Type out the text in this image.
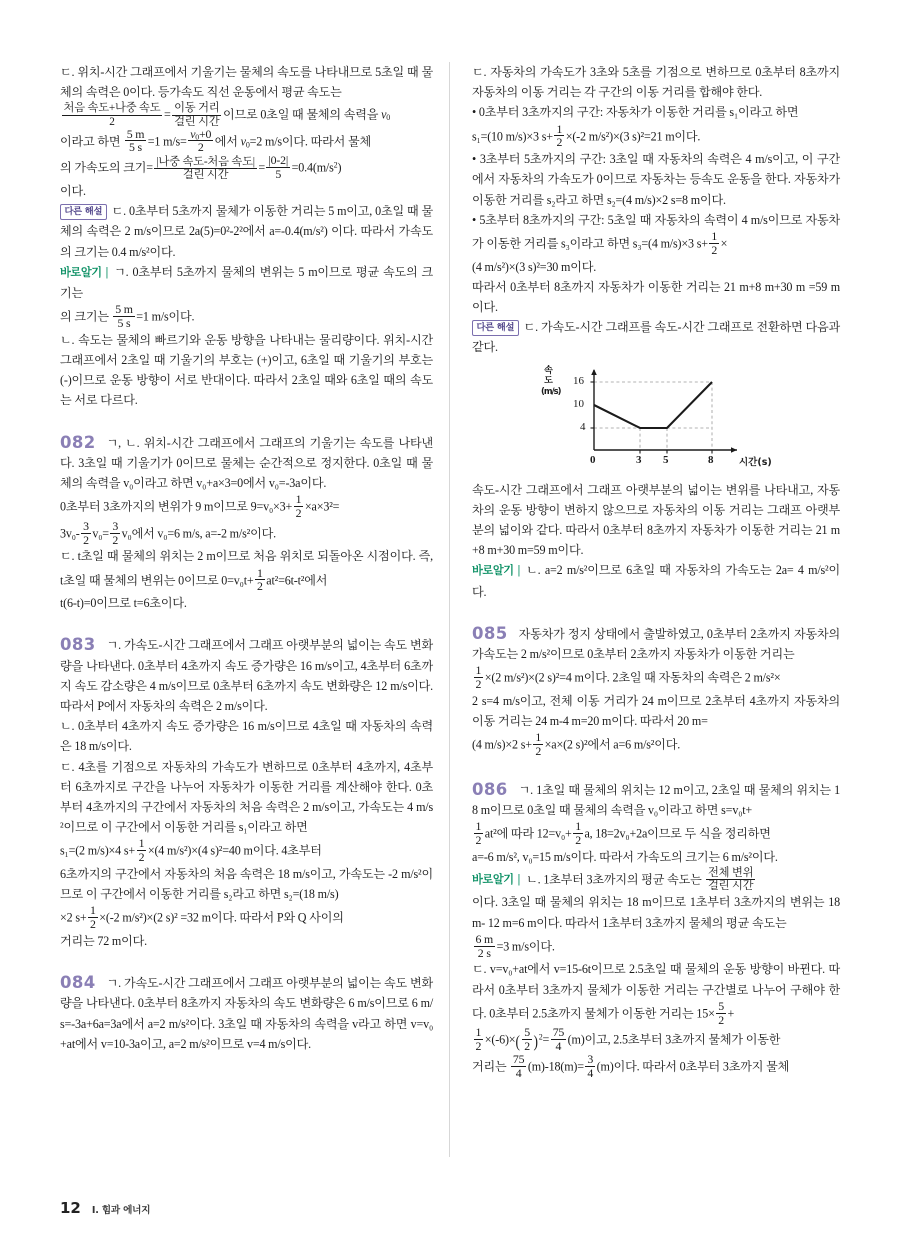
ㄷ. 위치-시간 그래프에서 기울기는 물체의 속도를 나타내므로 5초일 때 물체의 속력은 0이다. 등가속도 직선 운동에서 평균 속도는

$\frac{\text{처음 속도+나중 속도}}{2} = \frac{\text{이동 거리}}{\text{걸린 시간}}$ 이므로 0초일 때 물체의 속력을 $v_0$

이라고 하면 $\frac{5 m}{5 s} =1$ $m/s= \frac{v_0+0}{2}$ 에서 $v_0=2$ m/s이다. 따라서 물체

의 가속도의 크기= $\frac{\text{|나중 속도-처음 속도|}}{\text{걸린 시간}} = \frac{|0-2|}{5} =0.4(m/s^2)$

이다.

다른 해설 ㄷ. 0초부터 5초까지 물체가 이동한 거리는 5 m이고, 0초일 때 물체의 속력은 2 m/s이므로 2a(5)=0²-2²에서 a=-0.4(m/s²) 이다. 따라서 가속도의 크기는 0.4 m/s²이다.

바로알기 | ㄱ. 0초부터 5초까지 물체의 변위는 5 m이므로 평균 속도의 크기는

의 크기는 $\frac{5 m}{5 s} =1$ m/s이다.

ㄴ. 속도는 물체의 빠르기와 운동 방향을 나타내는 물리량이다. 위치-시간 그래프에서 2초일 때 기울기의 부호는 (+)이고, 6초일 때 기울기의 부호는 (-)이므로 운동 방향이 서로 반대이다. 따라서 2초일 때와 6초일 때의 속도는 서로 다르다.

082 ㄱ, ㄴ. 위치-시간 그래프에서 그래프의 기울기는 속도를 나타낸다. 3초일 때 기울기가 0이므로 물체는 순간적으로 정지한다. 0초일 때 물체의 속력을 v₀이라고 하면 v₀+a×3=0에서 v₀=-3a이다.

0초부터 3초까지의 변위가 9 m이므로 $9=v_0\times 3+ \frac{1}{2} \times a\times 3^2=$

$3v_0- \frac{3}{2} v_0= \frac{3}{2} v_0$에서 v₀=6 m/s, a=-2 m/s²이다.

ㄷ. t초일 때 물체의 위치는 2 m이므로 처음 위치로 되돌아온 시점이다. 즉, t초일 때 물체의 변위는 0이므로 $0=v_0t+ \frac{1}{2} at^2=6t-t^2$에서

t(6-t)=0이므로 t=6초이다.

083 ㄱ. 가속도-시간 그래프에서 그래프 아랫부분의 넓이는 속도 변화량을 나타낸다. 0초부터 4초까지 속도 증가량은 16 m/s이고, 4초부터 6초까지 속도 감소량은 4 m/s이므로 0초부터 6초까지 속도 변화량은 12 m/s이다. 따라서 P에서 자동차의 속력은 2 m/s이다.

ㄴ. 0초부터 4초까지 속도 증가량은 16 m/s이므로 4초일 때 자동차의 속력은 18 m/s이다.

ㄷ. 4초를 기점으로 자동차의 가속도가 변하므로 0초부터 4초까지, 4초부터 6초까지로 구간을 나누어 자동차가 이동한 거리를 계산해야 한다. 0초부터 4초까지의 구간에서 자동차의 처음 속력은 2 m/s이고, 가속도는 4 m/s²이므로 이 구간에서 이동한 거리를 s₁이라고 하면

s₁=(2 m/s)×4 $s+ \frac{1}{2} \times(4$ m/s²)×(4 s)²=40 m이다. 4초부터

6초까지의 구간에서 자동차의 처음 속력은 18 m/s이고, 가속도는 -2 m/s²이므로 이 구간에서 이동한 거리를 s₂라고 하면 s₂=(18 m/s)

×2 $s+ \frac{1}{2} \times(-2$ m/s²)×(2 s)² =32 m이다. 따라서 P와 Q 사이의

거리는 72 m이다.

084 ㄱ. 가속도-시간 그래프에서 그래프 아랫부분의 넓이는 속도 변화량을 나타낸다. 0초부터 8초까지 자동차의 속도 변화량은 6 m/s이므로 6 m/s=-3a+6a=3a에서 a=2 m/s²이다. 3초일 때 자동차의 속력을 v라고 하면 v=v₀+at에서 v=10-3a이고, a=2 m/s²이므로 v=4 m/s이다.

ㄷ. 자동차의 가속도가 3초와 5초를 기점으로 변하므로 0초부터 8초까지 자동차의 이동 거리는 각 구간의 이동 거리를 합해야 한다.

• 0초부터 3초까지의 구간: 자동차가 이동한 거리를 s₁이라고 하면

s₁=(10 m/s)×3 $s+ \frac{1}{2} \times(-2$ m/s²)×(3 s)²=21 m이다.

• 3초부터 5초까지의 구간: 3초일 때 자동차의 속력은 4 m/s이고, 이 구간에서 자동차의 가속도가 0이므로 자동차는 등속도 운동을 한다. 자동차가 이동한 거리를 s₂라고 하면 s₂=(4 m/s)×2 s=8 m이다.

• 5초부터 8초까지의 구간: 5초일 때 자동차의 속력이 4 m/s이므로 자동차가 이동한 거리를 s₃이라고 하면 s₃=(4 m/s)×3 $s+ \frac{1}{2}$ ×

(4 m/s²)×(3 s)²=30 m이다.

따라서 0초부터 8초까지 자동차가 이동한 거리는 21 m+8 m+30 m =59 m이다.

다른 해설 ㄷ. 가속도-시간 그래프를 속도-시간 그래프로 전환하면 다음과 같다.

속도
(m/s)
16
10
4
0	3 5	8	시간(s)

속도-시간 그래프에서 그래프 아랫부분의 넓이는 변위를 나타내고, 자동차의 운동 방향이 변하지 않으므로 자동차의 이동 거리는 그래프 아랫부분의 넓이와 같다. 따라서 0초부터 8초까지 자동차가 이동한 거리는 21 m+8 m+30 m=59 m이다.

바로알기 | ㄴ. a=2 m/s²이므로 6초일 때 자동차의 가속도는 2a= 4 m/s²이다.

085 자동차가 정지 상태에서 출발하였고, 0초부터 2초까지 자동차의 가속도는 2 m/s²이므로 0초부터 2초까지 자동차가 이동한 거리는

$\frac{1}{2} \times(2$ m/s²)×(2 s)²=4 m이다. 2초일 때 자동차의 속력은 2 m/s²×

2 s=4 m/s이고, 전체 이동 거리가 24 m이므로 2초부터 4초까지 자동차의 이동 거리는 24 m-4 m=20 m이다. 따라서 20 m=

(4 m/s)×2 $s+ \frac{1}{2} \times a\times(2$ s)²에서 a=6 m/s²이다.

086 ㄱ. 1초일 때 물체의 위치는 12 m이고, 2초일 때 물체의 위치는 18 m이므로 0초일 때 물체의 속력을 v₀이라고 하면 s=v₀t+

$\frac{1}{2} at^2$에 따라 $12=v_0+ \frac{1}{2} a$, 18=2v₀+2a이므로 두 식을 정리하면

a=-6 m/s², v₀=15 m/s이다. 따라서 가속도의 크기는 6 m/s²이다.

바로알기 | ㄴ. 1초부터 3초까지의 평균 속도는 $\frac{\text{전체 변위}}{\text{걸린 시간}}$

이다. 3초일 때 물체의 위치는 18 m이므로 1초부터 3초까지의 변위는 18 m- 12 m=6 m이다. 따라서 1초부터 3초까지 물체의 평균 속도는

$\frac{6 m}{2 s} =3$ m/s이다.

ㄷ. v=v₀+at에서 v=15-6t이므로 2.5초일 때 물체의 운동 방향이 바뀐다. 따라서 0초부터 3초까지 물체가 이동한 거리는 구간별로 나누어 구해야 한다. 0초부터 2.5초까지 물체가 이동한 거리는 $15\times \frac{5}{2}$ +

$\frac{1}{2} \times(-6)\times( \frac{5}{2} )^2= \frac{75}{4} (m)$이고, 2.5초부터 3초까지 물체가 이동한

거리는 $\frac{75}{4} (m)-18(m)= \frac{3}{4} (m)$이다. 따라서 0초부터 3초까지 물체

12 I. 힘과 에너지
